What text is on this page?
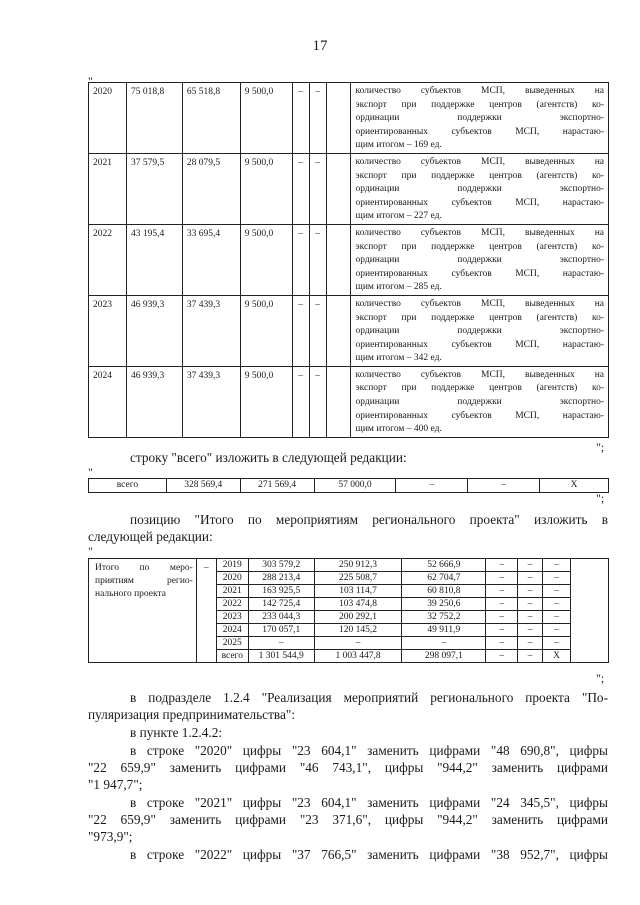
17
"
2020	75 018,8	65 518,8	9 500,0	–	–		количество субъектов МСП, выведенных на
экспорт при поддержке центров (агентств) ко-
ординации поддержки экспортно-
ориентированных субъектов МСП, нарастаю-
щим итогом – 169 ед.

2021	37 579,5	28 079,5	9 500,0	–	–		количество субъектов МСП, выведенных на
экспорт при поддержке центров (агентств) ко-
ординации поддержки экспортно-
ориентированных субъектов МСП, нарастаю-
щим итогом – 227 ед.

2022	43 195,4	33 695,4	9 500,0	–	–		количество субъектов МСП, выведенных на
экспорт при поддержке центров (агентств) ко-
ординации поддержки экспортно-
ориентированных субъектов МСП, нарастаю-
щим итогом – 285 ед.

2023	46 939,3	37 439,3	9 500,0	–	–		количество субъектов МСП, выведенных на
экспорт при поддержке центров (агентств) ко-
ординации поддержки экспортно-
ориентированных субъектов МСП, нарастаю-
щим итогом – 342 ед.

2024	46 939,3	37 439,3	9 500,0	–	–		количество субъектов МСП, выведенных на
экспорт при поддержке центров (агентств) ко-
ординации поддержки экспортно-
ориентированных субъектов МСП, нарастаю-
щим итогом – 400 ед.
";
строку "всего" изложить в следующей редакции:
"
всего	328 569,4	271 569,4	57 000,0	–	–	Х
";
позицию "Итого по мероприятиям регионального проекта" изложить в
следующей редакции:
"
Итого по меро-
приятиям регио-
нального проекта	–	2019	303 579,2	250 912,3	52 666,9	–	–	–	
		2020	288 213,4	225 508,7	62 704,7	–	–	–	
		2021	163 925,5	103 114,7	60 810,8	–	–	–	
		2022	142 725,4	103 474,8	39 250,6	–	–	–	
		2023	233 044,3	200 292,1	32 752,2	–	–	–	
		2024	170 057,1	120 145,2	49 911,9	–	–	–	
		2025	–	–	–	–	–	–	
		всего	1 301 544,9	1 003 447,8	298 097,1	–	–	Х	
";
в подразделе 1.2.4 "Реализация мероприятий регионального проекта "По-
пуляризация предпринимательства":
в пункте 1.2.4.2:
в строке "2020" цифры "23 604,1" заменить цифрами "48 690,8", цифры
"22 659,9" заменить цифрами "46 743,1", цифры "944,2" заменить цифрами
"1 947,7";
в строке "2021" цифры "23 604,1" заменить цифрами "24 345,5", цифры
"22 659,9" заменить цифрами "23 371,6", цифры "944,2" заменить цифрами
"973,9";
в строке "2022" цифры "37 766,5" заменить цифрами "38 952,7", цифры
